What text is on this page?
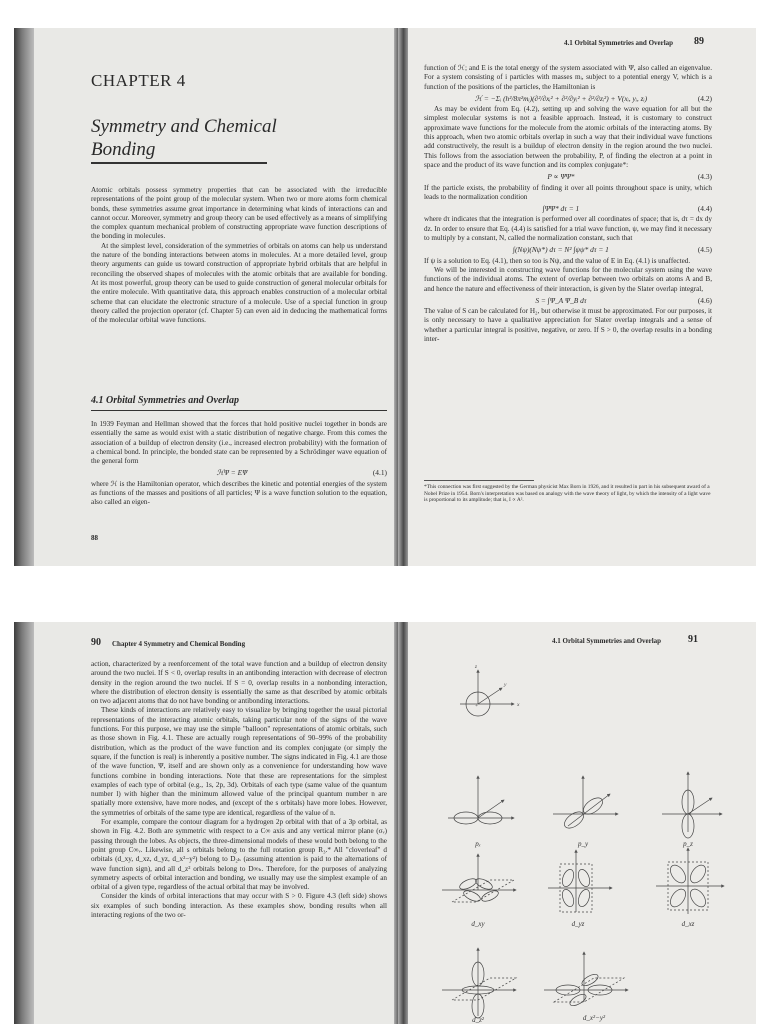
CHAPTER 4
Symmetry and Chemical
Bonding

Atomic orbitals possess symmetry properties that can be associated with the irreducible representations of the point group of the molecular system. When two or more atoms form chemical bonds, these symmetries assume great importance in determining what kinds of interactions can and cannot occur. Moreover, symmetry and group theory can be used effectively as a means of simplifying the complex quantum mechanical problem of constructing appropriate wave function descriptions of the bonding in molecules.

At the simplest level, consideration of the symmetries of orbitals on atoms can help us understand the nature of the bonding interactions between atoms in molecules. At a more detailed level, group theory arguments can guide us toward construction of appropriate hybrid orbitals that are helpful in reconciling the observed shapes of molecules with the atomic orbitals that are available for bonding. At its most powerful, group theory can be used to guide construction of general molecular orbitals for the entire molecule. With quantitative data, this approach enables construction of a molecular orbital scheme that can elucidate the electronic structure of a molecule. Use of a special function in group theory called the projection operator (cf. Chapter 5) can even aid in deducing the mathematical forms of the molecular orbital wave functions.

4.1 Orbital Symmetries and Overlap

In 1939 Feyman and Hellman showed that the forces that hold positive nuclei together in bonds are essentially the same as would exist with a static distribution of negative charge. From this comes the association of a buildup of electron density (i.e., increased electron probability) with the formation of a chemical bond. In principle, the bonded state can be represented by a Schrödinger wave equation of the general form

ℋΨ = EΨ	(4.1)

where ℋ is the Hamiltonian operator, which describes the kinetic and potential energies of the system as functions of the masses and positions of all particles; Ψ is a wave function solution to the equation, also called an eigen-

88
4.1 Orbital Symmetries and Overlap 89

function of ℋ; and E is the total energy of the system associated with Ψ, also called an eigenvalue. For a system consisting of i particles with masses mᵢ, subject to a potential energy V, which is a function of the positions of the particles, the Hamiltonian is

ℋ = −Σᵢ (h²/8π²mᵢ)(∂²/∂xᵢ² + ∂²/∂yᵢ² + ∂²/∂zᵢ²) + V(xᵢ, yᵢ, zᵢ)	(4.2)

As may be evident from Eq. (4.2), setting up and solving the wave equation for all but the simplest molecular systems is not a feasible approach. Instead, it is customary to construct approximate wave functions for the molecule from the atomic orbitals of the interacting atoms. By this approach, when two atomic orbitals overlap in such a way that their individual wave functions add constructively, the result is a buildup of electron density in the region around the two nuclei. This follows from the association between the probability, P, of finding the electron at a point in space and the product of its wave function and its complex conjugate*:

P ∝ ΨΨ*	(4.3)

If the particle exists, the probability of finding it over all points throughout space is unity, which leads to the normalization condition

∫ΨΨ* dτ = 1	(4.4)

where dτ indicates that the integration is performed over all coordinates of space; that is, dτ = dx dy dz. In order to ensure that Eq. (4.4) is satisfied for a trial wave function, ψ, we may find it necessary to multiply by a constant, N, called the normalization constant, such that

∫(Nψ)(Nψ*) dτ = N² ∫ψψ* dτ = 1	(4.5)

If ψ is a solution to Eq. (4.1), then so too is Nψ, and the value of E in Eq. (4.1) is unaffected.

We will be interested in constructing wave functions for the molecular system using the wave functions of the individual atoms. The extent of overlap between two orbitals on atoms A and B, and hence the nature and effectiveness of their interaction, is given by the Slater overlap integral,

S = ∫Ψ_A Ψ_B dτ	(4.6)

The value of S can be calculated for H₂, but otherwise it must be approximated. For our purposes, it is only necessary to have a qualitative appreciation for Slater overlap integrals and a sense of whether a particular integral is positive, negative, or zero. If S > 0, the overlap results in a bonding inter-

*This connection was first suggested by the German physicist Max Born in 1926, and it resulted in part in his subsequent award of a Nobel Prize in 1954. Born's interpretation was based on analogy with the wave theory of light, by which the intensity of a light wave is proportional to its amplitude; that is, I ∝ A².
90 Chapter 4 Symmetry and Chemical Bonding

action, characterized by a reenforcement of the total wave function and a buildup of electron density around the two nuclei. If S < 0, overlap results in an antibonding interaction with decrease of electron density in the region around the two nuclei. If S = 0, overlap results in a nonbonding interaction, where the distribution of electron density is essentially the same as that described by atomic orbitals on two adjacent atoms that do not have bonding or antibonding interactions.

These kinds of interactions are relatively easy to visualize by bringing together the usual pictorial representations of the interacting atomic orbitals, taking particular note of the signs of the wave functions. For this purpose, we may use the simple "balloon" representations of atomic orbitals, such as those shown in Fig. 4.1. These are actually rough representations of 90–99% of the probability distribution, which as the product of the wave function and its complex conjugate (or simply the square, if the function is real) is inherently a positive number. The signs indicated in Fig. 4.1 are those of the wave function, Ψ, itself and are shown only as a convenience for understanding how wave functions combine in bonding interactions. Note that these are representations for the simplest examples of each type of orbital (e.g., 1s, 2p, 3d). Orbitals of each type (same value of the quantum number l) with higher than the minimum allowed value of the principal quantum number n are spatially more extensive, have more nodes, and (except of the s orbitals) have more lobes. However, the symmetries of orbitals of the same type are identical, regardless of the value of n.

For example, compare the contour diagram for a hydrogen 2p orbital with that of a 3p orbital, as shown in Fig. 4.2. Both are symmetric with respect to a C∞ axis and any vertical mirror plane (σᵥ) passing through the lobes. As objects, the three-dimensional models of these would both belong to the point group C∞ᵥ. Likewise, all s orbitals belong to the full rotation group R₃.* All "cloverleaf" d orbitals (d_xy, d_xz, d_yz, d_x²−y²) belong to D₂ₕ (assuming attention is paid to the alternations of wave function sign), and all d_z² orbitals belong to D∞ₕ. Therefore, for the purposes of analyzing symmetry aspects of orbital interaction and bonding, we usually may use the simplest example of an orbital of a given type, regardless of the actual orbital that may be involved.

Consider the kinds of orbital interactions that may occur with S > 0. Figure 4.3 (left side) shows six examples of such bonding interaction. As these examples show, bonding results when all interacting regions of the two or-

4.1 Orbital Symmetries and Overlap	91
pₓ	p_y	p_z
d_xy	d_yz	d_xz
d_z²	d_x²−y²
z
x
y
+
